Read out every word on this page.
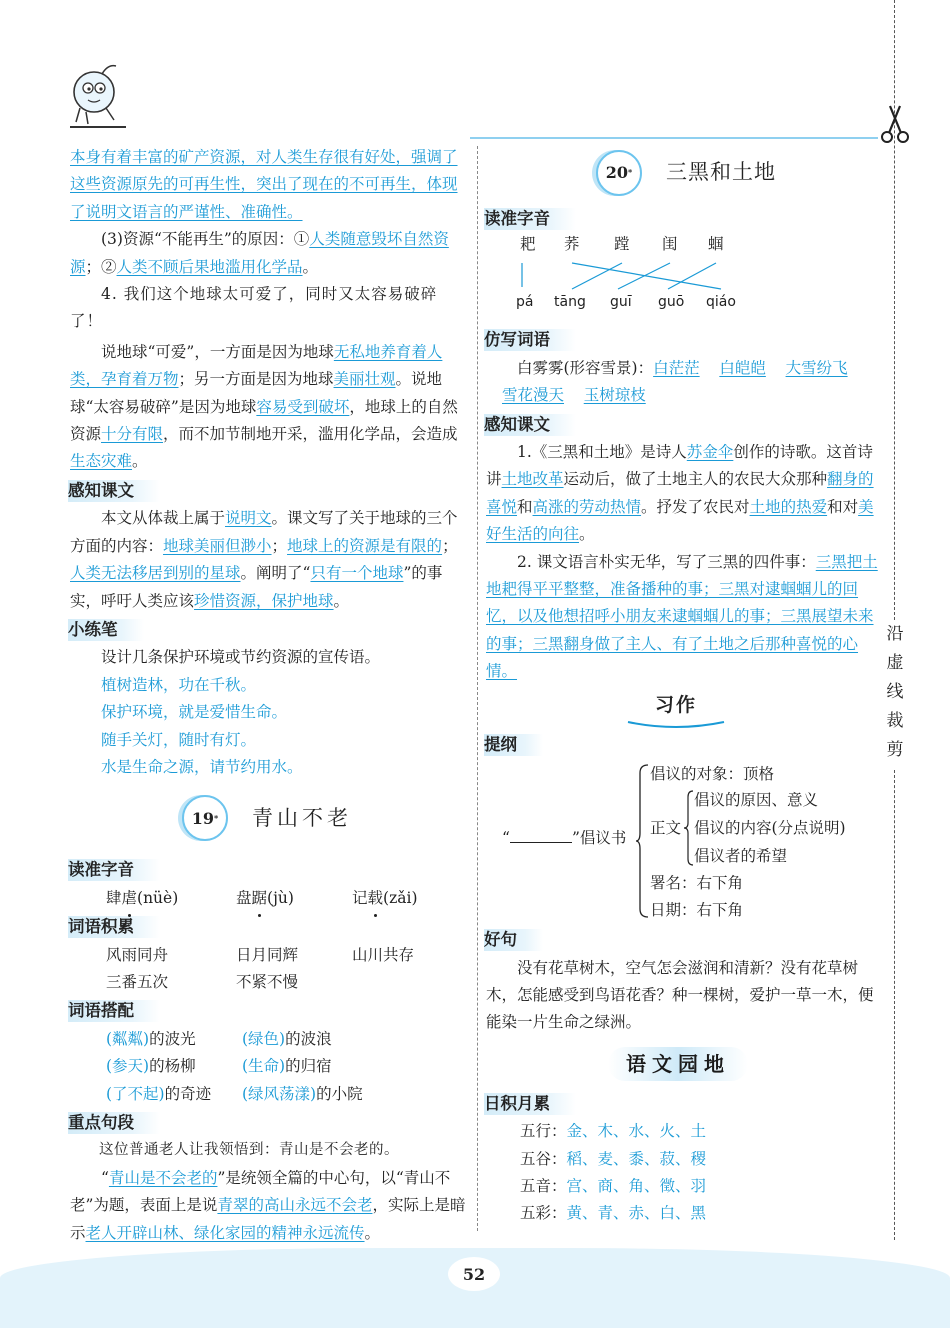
沿虚线裁剪

本身有着丰富的矿产资源，对人类生存很有好处，强调了这些资源原先的可再生性，突出了现在的不可再生，体现了说明文语言的严谨性、准确性。

(3)资源“不能再生”的原因：①人类随意毁坏自然资源；②人类不顾后果地滥用化学品。

4. 我们这个地球太可爱了，同时又太容易破碎了！

说地球“可爱”，一方面是因为地球无私地养育着人类，孕育着万物；另一方面是因为地球美丽壮观。说地球“太容易破碎”是因为地球容易受到破坏，地球上的自然资源十分有限，而不加节制地开采，滥用化学品，会造成生态灾难。

感知课文

本文从体裁上属于说明文。课文写了关于地球的三个方面的内容：地球美丽但渺小；地球上的资源是有限的；人类无法移居到别的星球。阐明了“只有一个地球”的事实，呼吁人类应该珍惜资源，保护地球。

小练笔

设计几条保护环境或节约资源的宣传语。

植树造林，功在千秋。

保护环境，就是爱惜生命。

随手关灯，随时有灯。

水是生命之源，请节约用水。

19 * 青山不老
读准字音
肆虐(nüè)	盘踞(jù)	记载(zǎi)
词语积累
风雨同舟	日月同辉	山川共存
三番五次	不紧不慢
词语搭配
(粼粼)的波光	(绿色)的波浪
(参天)的杨柳	(生命)的归宿
(了不起)的奇迹	(绿风荡漾)的小院
重点句段

这位普通老人让我领悟到：青山是不会老的。

“青山是不会老的”是统领全篇的中心句，以“青山不老”为题，表面上是说青翠的高山永远不会老，实际上是暗示老人开辟山林、绿化家园的精神永远流传。

20 * 三黑和土地
读准字音
耙 荞 蹚 闺 蝈
pá tāng guī guō qiáo
仿写词语

白雾雾(形容雪景)：白茫茫 白皑皑 大雪纷飞

雪花漫天 玉树琼枝

感知课文

1.《三黑和土地》是诗人苏金伞创作的诗歌。这首诗讲土地改革运动后，做了土地主人的农民大众那种翻身的喜悦和高涨的劳动热情。抒发了农民对土地的热爱和对美好生活的向往。

2. 课文语言朴实无华，写了三黑的四件事：三黑把土地耙得平平整整，准备播种的事；三黑对逮蝈蝈儿的回忆，以及他想招呼小朋友来逮蝈蝈儿的事；三黑展望未来的事；三黑翻身做了主人、有了土地之后那种喜悦的心情。

习作
提纲
“	”倡议书
倡议的对象：顶格
正文
倡议的原因、意义
倡议的内容(分点说明)
倡议者的希望
署名：右下角
日期：右下角
好句

没有花草树木，空气怎会滋润和清新？没有花草树木，怎能感受到鸟语花香？种一棵树，爱护一草一木，便能染一片生命之绿洲。

语文园地
日积月累

五行：金、木、水、火、土

五谷：稻、麦、黍、菽、稷

五音：宫、商、角、徵、羽

五彩：黄、青、赤、白、黑

52
